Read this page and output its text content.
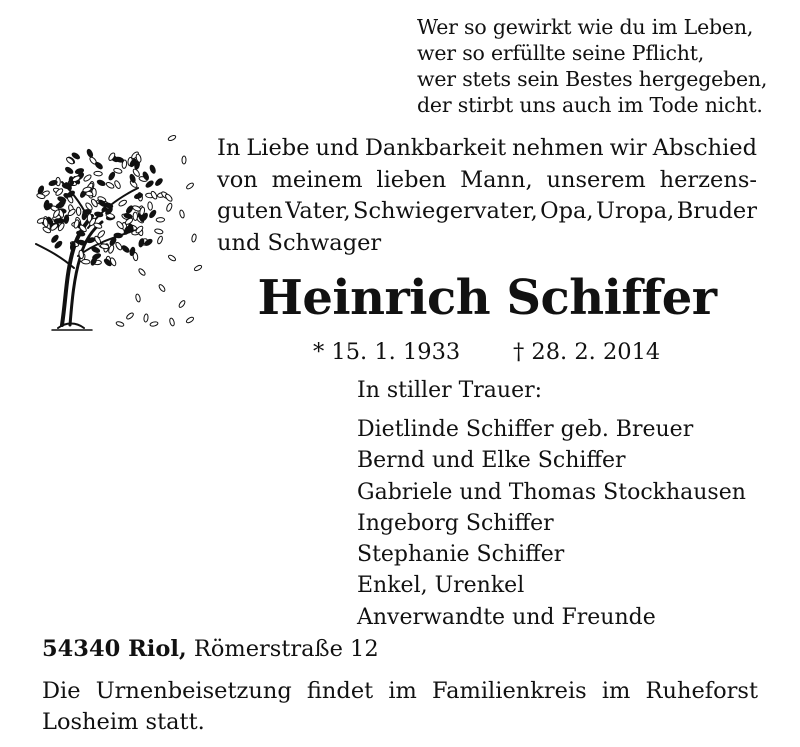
Wer so gewirkt wie du im Leben,
wer so erfüllte seine Pflicht,
wer stets sein Bestes hergegeben,
der stirbt uns auch im Tode nicht.
In Liebe und Dankbarkeit nehmen wir Abschied
von meinem lieben Mann, unserem herzens-
guten Vater, Schwiegervater, Opa, Uropa, Bruder
und Schwager
Heinrich Schiffer
* 15. 1. 1933 † 28. 2. 2014
In stiller Trauer:
Dietlinde Schiffer geb. Breuer
Bernd und Elke Schiffer
Gabriele und Thomas Stockhausen
Ingeborg Schiffer
Stephanie Schiffer
Enkel, Urenkel
Anverwandte und Freunde
54340 Riol, Römerstraße 12
Die Urnenbeisetzung findet im Familienkreis im Ruheforst
Losheim statt.
